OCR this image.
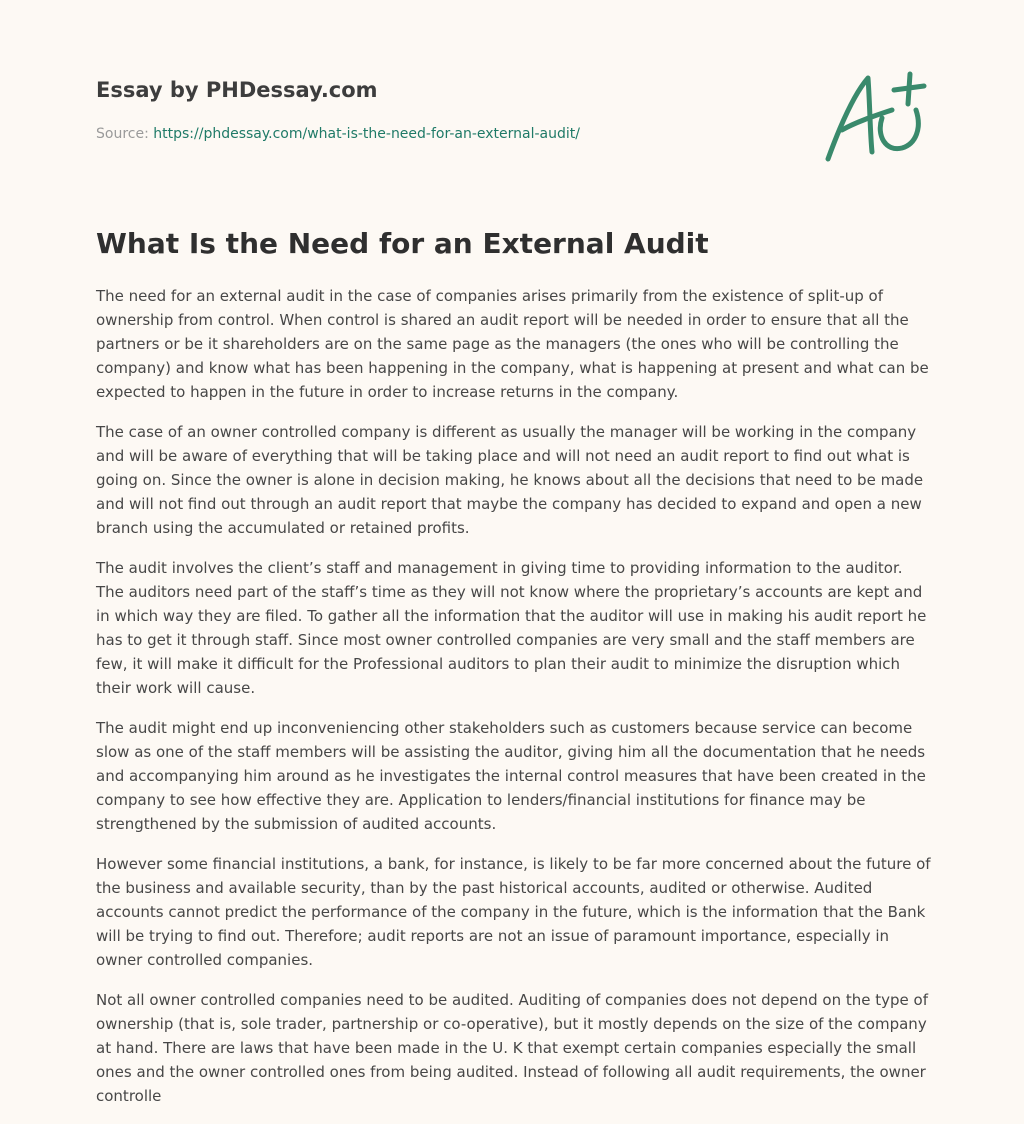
Essay by PHDessay.com
Source: https://phdessay.com/what-is-the-need-for-an-external-audit/
What Is the Need for an External Audit

The need for an external audit in the case of companies arises primarily from the existence of split-up of ownership from control. When control is shared an audit report will be needed in order to ensure that all the partners or be it shareholders are on the same page as the managers (the ones who will be controlling the company) and know what has been happening in the company, what is happening at present and what can be expected to happen in the future in order to increase returns in the company.

The case of an owner controlled company is different as usually the manager will be working in the company and will be aware of everything that will be taking place and will not need an audit report to find out what is going on. Since the owner is alone in decision making, he knows about all the decisions that need to be made and will not find out through an audit report that maybe the company has decided to expand and open a new branch using the accumulated or retained profits.

The audit involves the client’s staff and management in giving time to providing information to the auditor. The auditors need part of the staff’s time as they will not know where the proprietary’s accounts are kept and in which way they are filed. To gather all the information that the auditor will use in making his audit report he has to get it through staff. Since most owner controlled companies are very small and the staff members are few, it will make it difficult for the Professional auditors to plan their audit to minimize the disruption which their work will cause.

The audit might end up inconveniencing other stakeholders such as customers because service can become slow as one of the staff members will be assisting the auditor, giving him all the documentation that he needs and accompanying him around as he investigates the internal control measures that have been created in the company to see how effective they are. Application to lenders/financial institutions for finance may be strengthened by the submission of audited accounts.

However some financial institutions, a bank, for instance, is likely to be far more concerned about the future of the business and available security, than by the past historical accounts, audited or otherwise. Audited accounts cannot predict the performance of the company in the future, which is the information that the Bank will be trying to find out. Therefore; audit reports are not an issue of paramount importance, especially in owner controlled companies.

Not all owner controlled companies need to be audited. Auditing of companies does not depend on the type of ownership (that is, sole trader, partnership or co-operative), but it mostly depends on the size of the company at hand. There are laws that have been made in the U. K that exempt certain companies especially the small ones and the owner controlled ones from being audited. Instead of following all audit requirements, the owner controlle
